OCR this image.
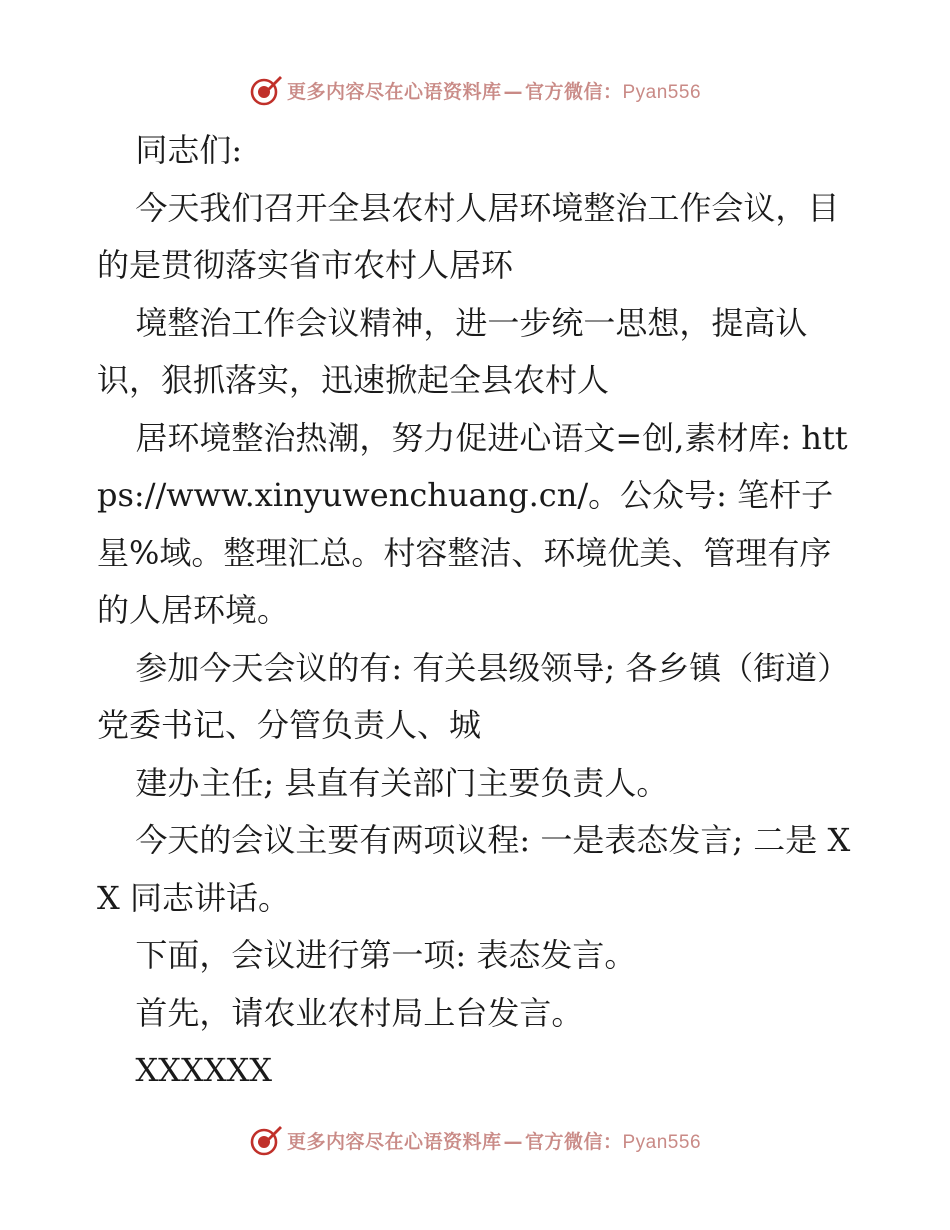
更多内容尽在心语资料库 — 官方微信：Pyan556

同志们:

今天我们召开全县农村人居环境整治工作会议，目的是贯彻落实省市农村人居环

境整治工作会议精神，进一步统一思想，提高认识，狠抓落实，迅速掀起全县农村人

居环境整治热潮，努力促进心语文=创,素材库: https://www.xinyuwenchuang.cn/。公众号: 笔杆子星%域。整理汇总。村容整洁、环境优美、管理有序的人居环境。

参加今天会议的有: 有关县级领导; 各乡镇（街道）党委书记、分管负责人、城

建办主任; 县直有关部门主要负责人。

今天的会议主要有两项议程: 一是表态发言; 二是 XX 同志讲话。

下面，会议进行第一项: 表态发言。

首先，请农业农村局上台发言。

XXXXXX

更多内容尽在心语资料库 — 官方微信：Pyan556
